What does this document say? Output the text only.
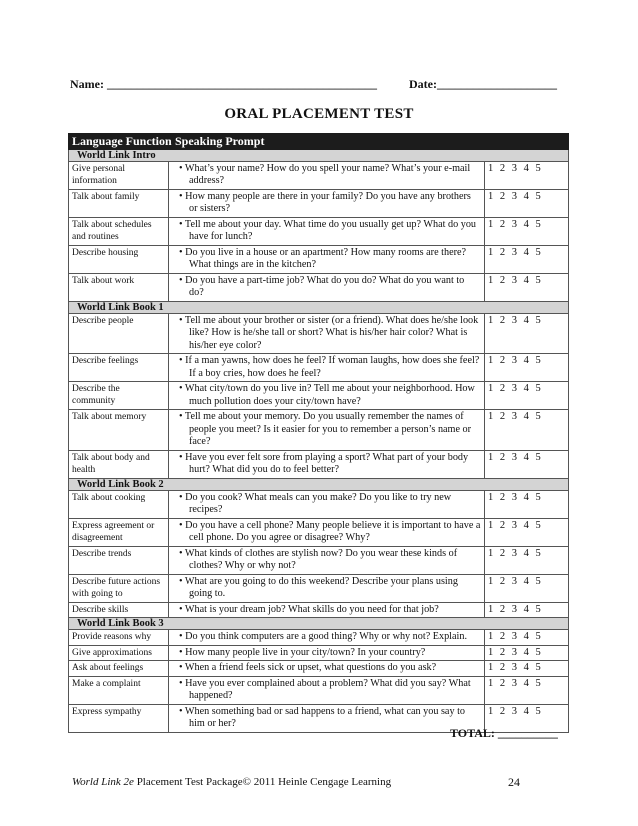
Name: _____________________________________________	Date:____________________
ORAL PLACEMENT TEST
Language Function Speaking Prompt		
World Link Intro		
Give personal information	• What’s your name? How do you spell your name? What’s your e-mail address?	1 2 3 4 5
Talk about family	• How many people are there in your family? Do you have any brothers or sisters?	1 2 3 4 5
Talk about schedules and routines	• Tell me about your day. What time do you usually get up? What do you have for lunch?	1 2 3 4 5
Describe housing	• Do you live in a house or an apartment? How many rooms are there? What things are in the kitchen?	1 2 3 4 5
Talk about work	• Do you have a part-time job? What do you do? What do you want to do?	1 2 3 4 5
World Link Book 1		
Describe people	• Tell me about your brother or sister (or a friend). What does he/she look like? How is he/she tall or short? What is his/her hair color? What is his/her eye color?	1 2 3 4 5
Describe feelings	• If a man yawns, how does he feel? If woman laughs, how does she feel? If a boy cries, how does he feel?	1 2 3 4 5
Describe the community	• What city/town do you live in? Tell me about your neighborhood. How much pollution does your city/town have?	1 2 3 4 5
Talk about memory	• Tell me about your memory. Do you usually remember the names of people you meet? Is it easier for you to remember a person’s name or face?	1 2 3 4 5
Talk about body and health	• Have you ever felt sore from playing a sport? What part of your body hurt? What did you do to feel better?	1 2 3 4 5
World Link Book 2		
Talk about cooking	• Do you cook? What meals can you make? Do you like to try new recipes?	1 2 3 4 5
Express agreement or disagreement	• Do you have a cell phone? Many people believe it is important to have a cell phone. Do you agree or disagree? Why?	1 2 3 4 5
Describe trends	• What kinds of clothes are stylish now? Do you wear these kinds of clothes? Why or why not?	1 2 3 4 5
Describe future actions with going to	• What are you going to do this weekend? Describe your plans using going to.	1 2 3 4 5
Describe skills	• What is your dream job? What skills do you need for that job?	1 2 3 4 5
World Link Book 3		
Provide reasons why	• Do you think computers are a good thing? Why or why not? Explain.	1 2 3 4 5
Give approximations	• How many people live in your city/town? In your country?	1 2 3 4 5
Ask about feelings	• When a friend feels sick or upset, what questions do you ask?	1 2 3 4 5
Make a complaint	• Have you ever complained about a problem? What did you say? What happened?	1 2 3 4 5
Express sympathy	• When something bad or sad happens to a friend, what can you say to him or her?	1 2 3 4 5
TOTAL: __________
World Link 2e Placement Test Package© 2011 Heinle Cengage Learning	24
